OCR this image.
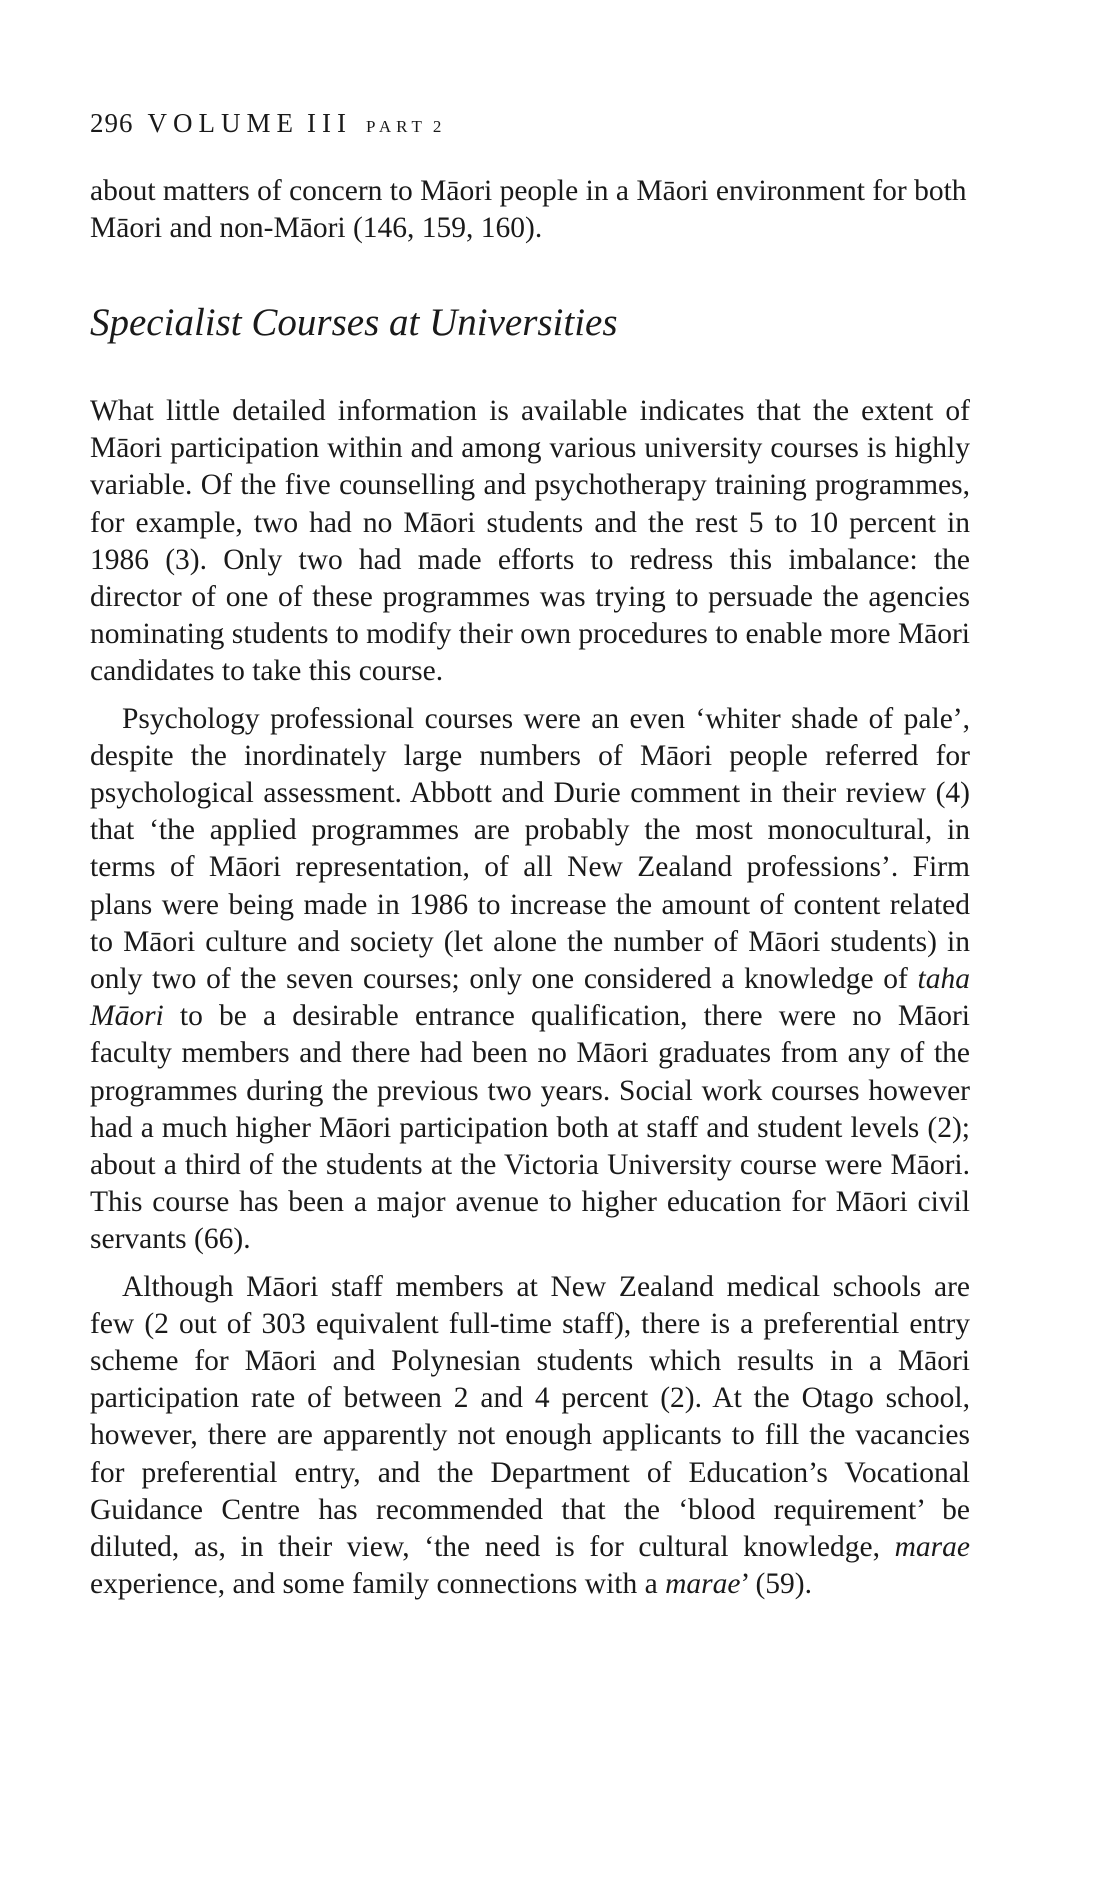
296 VOLUME III PART 2

about matters of concern to Māori people in a Māori environment for both Māori and non-Māori (146, 159, 160).

Specialist Courses at Universities

What little detailed information is available indicates that the extent of Māori participation within and among various university courses is highly variable. Of the five counselling and psychotherapy training programmes, for example, two had no Māori students and the rest 5 to 10 percent in 1986 (3). Only two had made efforts to redress this imbalance: the director of one of these programmes was trying to persuade the agencies nominating students to modify their own procedures to enable more Māori candidates to take this course.

Psychology professional courses were an even ‘whiter shade of pale’, despite the inordinately large numbers of Māori people referred for psychological assessment. Abbott and Durie comment in their review (4) that ‘the applied programmes are probably the most monocultural, in terms of Māori representation, of all New Zealand professions’. Firm plans were being made in 1986 to increase the amount of content related to Māori culture and society (let alone the number of Māori students) in only two of the seven courses; only one considered a knowledge of taha Māori to be a desirable entrance qualification, there were no Māori faculty members and there had been no Māori graduates from any of the programmes during the previous two years. Social work courses however had a much higher Māori participation both at staff and student levels (2); about a third of the students at the Victoria University course were Māori. This course has been a major avenue to higher education for Māori civil servants (66).

Although Māori staff members at New Zealand medical schools are few (2 out of 303 equivalent full-time staff), there is a preferential entry scheme for Māori and Polynesian students which results in a Māori participation rate of between 2 and 4 percent (2). At the Otago school, however, there are apparently not enough applicants to fill the vacancies for preferential entry, and the Department of Education’s Vocational Guidance Centre has recommended that the ‘blood requirement’ be diluted, as, in their view, ‘the need is for cultural knowledge, marae experience, and some family connections with a marae’ (59).
